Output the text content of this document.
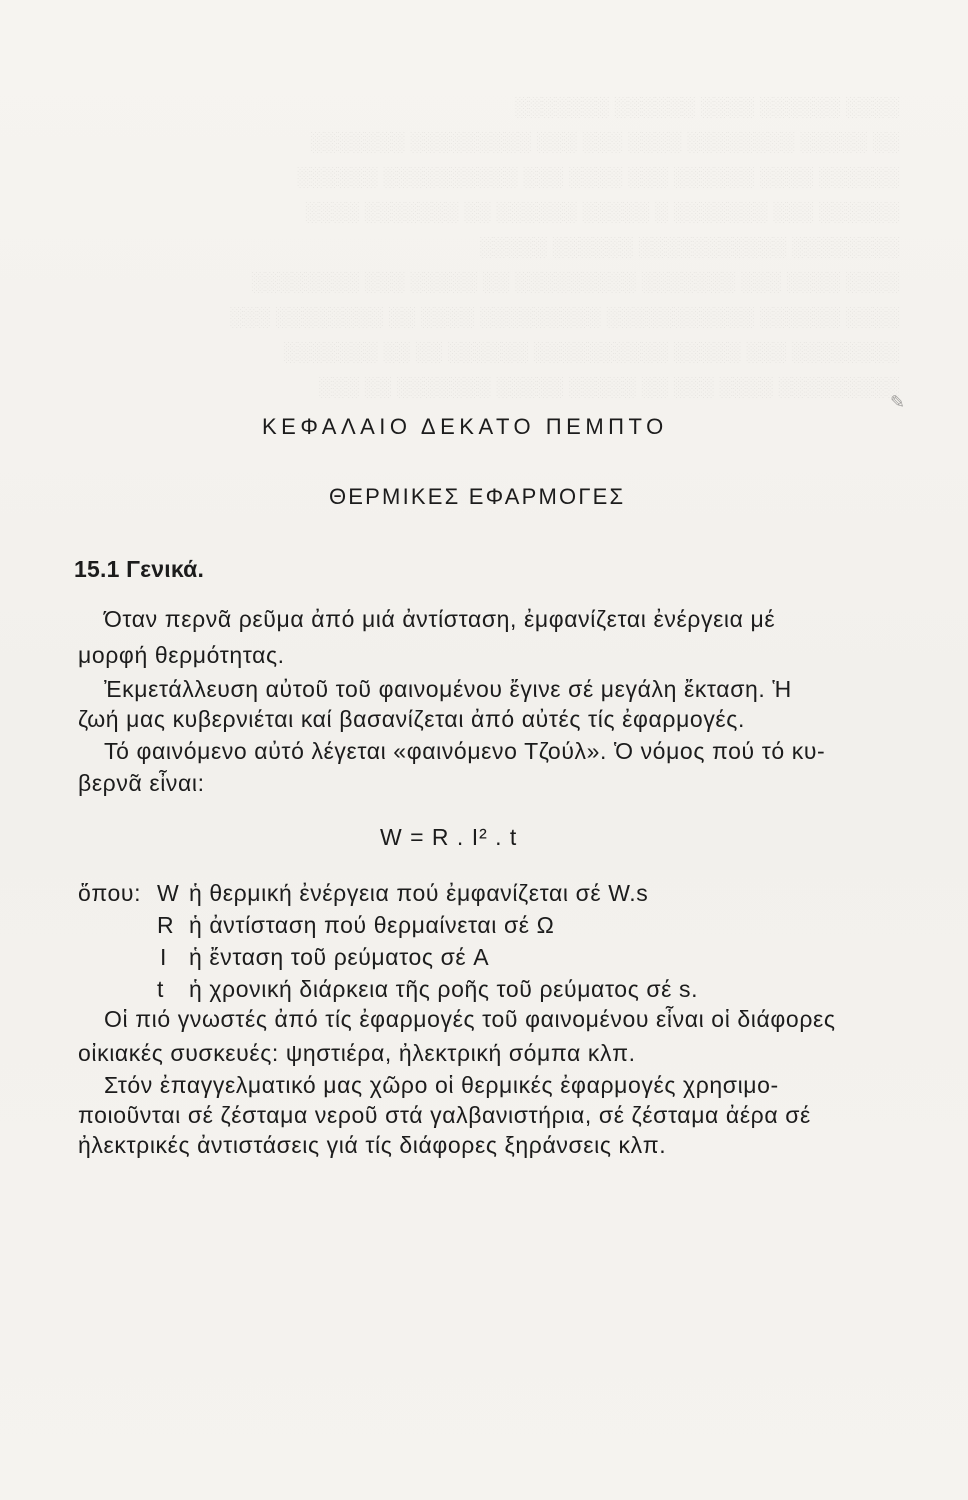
░░░░ ░░░░░░ ░░░░ ░░░░░░ ░░░░░░░
░░ ░░░░░ ░░░░░░░░ ░░░░ ░░░ ░░░ ░░░░░░░░░ ░░░░░░░
░░░░░░ ░░░░ ░░░░░░ ░░░ ░░░░ ░░░ ░░░░░░░░░░ ░░░░░░
░░░░░░ ░░░ ░░░░░░░ ░ ░░░░░ ░░░░░░ ░░ ░░░░░░░ ░░░░
░░░░░░░░ ░░░░░░░░░░░ ░░░░░░ ░░░░░
░░░░ ░░░░ ░░░ ░░░░░░░ ░░░░░░░░░ ░░ ░░░░░ ░░░ ░░░░░░░░
░░░░ ░░░░░░ ░░░░░░░░░░░ ░░░░░░░░░ ░░░░ ░░ ░░░░░░░░ ░░░
░░░░░░░░ ░░░ ░░░░░ ░░░░░░░░░░ ░░░░░░ ░░ ░░ ░░░░░░░
░░░░░░░░░ ░░░░ ░░░ ░░ ░░░░░ ░░░░░ ░░░░░░░ ░░ ░░░
ΚΕΦΑΛΑΙΟ ΔΕΚΑΤΟ ΠΕΜΠΤΟ
ΘΕΡΜΙΚΕΣ ΕΦΑΡΜΟΓΕΣ
15.1 Γενικά.
Όταν περνᾶ ρεῦμα ἀπό μιά ἀντίσταση, ἐμφανίζεται ἐνέργεια μέ
μορφή θερμότητας.
Ἐκμετάλλευση αὐτοῦ τοῦ φαινομένου ἔγινε σέ μεγάλη ἔκταση. Ἡ
ζωή μας κυβερνιέται καί βασανίζεται ἀπό αὐτές τίς ἐφαρμογές.
Τό φαινόμενο αὐτό λέγεται «φαινόμενο Τζούλ». Ὁ νόμος πού τό κυ-
βερνᾶ εἶναι:
W = R . I² . t
ὅπου: W ἡ θερμική ἐνέργεια πού ἐμφανίζεται σέ W.s
R ἡ ἀντίσταση πού θερμαίνεται σέ Ω
I ἡ ἔνταση τοῦ ρεύματος σέ A
t ἡ χρονική διάρκεια τῆς ροῆς τοῦ ρεύματος σέ s.
Οἱ πιό γνωστές ἀπό τίς ἐφαρμογές τοῦ φαινομένου εἶναι οἱ διάφορες
οἰκιακές συσκευές: ψηστιέρα, ἠλεκτρική σόμπα κλπ.
Στόν ἐπαγγελματικό μας χῶρο οἱ θερμικές ἐφαρμογές χρησιμο-
ποιοῦνται σέ ζέσταμα νεροῦ στά γαλβανιστήρια, σέ ζέσταμα ἀέρα σέ
ἠλεκτρικές ἀντιστάσεις γιά τίς διάφορες ξηράνσεις κλπ.
✎
